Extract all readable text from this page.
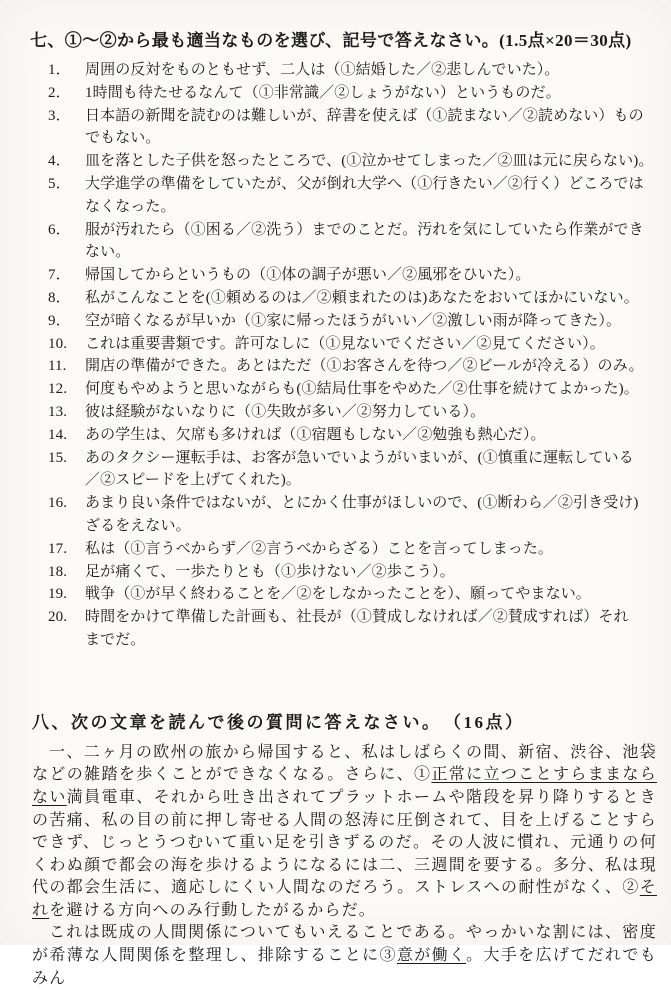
七、①～②から最も適当なものを選び、記号で答えなさい。(1.5点×20＝30点)
1． 周囲の反対をものともせず、二人は（①結婚した／②悲しんでいた）。
2． 1時間も待たせるなんて（①非常識／②しょうがない）というものだ。
3． 日本語の新聞を読むのは難しいが、辞書を使えば（①読まない／②読めない）もの
でもない。
4． 皿を落とした子供を怒ったところで、(①泣かせてしまった／②皿は元に戻らない)。
5． 大学進学の準備をしていたが、父が倒れ大学へ（①行きたい／②行く）どころでは
なくなった。
6． 服が汚れたら（①困る／②洗う）までのことだ。汚れを気にしていたら作業ができ
ない。
7． 帰国してからというもの（①体の調子が悪い／②風邪をひいた）。
8． 私がこんなことを(①頼めるのは／②頼まれたのは)あなたをおいてほかにいない。
9． 空が暗くなるが早いか（①家に帰ったほうがいい／②激しい雨が降ってきた）。
10. これは重要書類です。許可なしに（①見ないでください／②見てください）。
11. 開店の準備ができた。あとはただ（①お客さんを待つ／②ビールが冷える）のみ。
12. 何度もやめようと思いながらも(①結局仕事をやめた／②仕事を続けてよかった)。
13. 彼は経験がないなりに（①失敗が多い／②努力している）。
14. あの学生は、欠席も多ければ（①宿題もしない／②勉強も熱心だ）。
15. あのタクシー運転手は、お客が急いでいようがいまいが、(①慎重に運転している
／②スピードを上げてくれた)。
16. あまり良い条件ではないが、とにかく仕事がほしいので、(①断わら／②引き受け)
ざるをえない。
17. 私は（①言うべからず／②言うべからざる）ことを言ってしまった。
18. 足が痛くて、一歩たりとも（①歩けない／②歩こう）。
19. 戦争（①が早く終わることを／②をしなかったことを）、願ってやまない。
20. 時間をかけて準備した計画も、社長が（①賛成しなければ／②賛成すれば）それ
までだ。
八、次の文章を読んで後の質問に答えなさい。　（16点）

一、二ヶ月の欧州の旅から帰国すると、私はしばらくの間、新宿、渋谷、池袋などの雑踏を歩くことができなくなる。さらに、①正常に立つことすらままならない満員電車、それから吐き出されてプラットホームや階段を昇り降りするときの苦痛、私の目の前に押し寄せる人間の怒涛に圧倒されて、目を上げることすらできず、じっとうつむいて重い足を引きずるのだ。その人波に慣れ、元通りの何くわぬ顔で都会の海を歩けるようになるには二、三週間を要する。多分、私は現代の都会生活に、適応しにくい人間なのだろう。ストレスへの耐性がなく、②それを避ける方向へのみ行動したがるからだ。

これは既成の人間関係についてもいえることである。やっかいな割には、密度が希薄な人間関係を整理し、排除することに③意が働く。大手を広げてだれでもみん
